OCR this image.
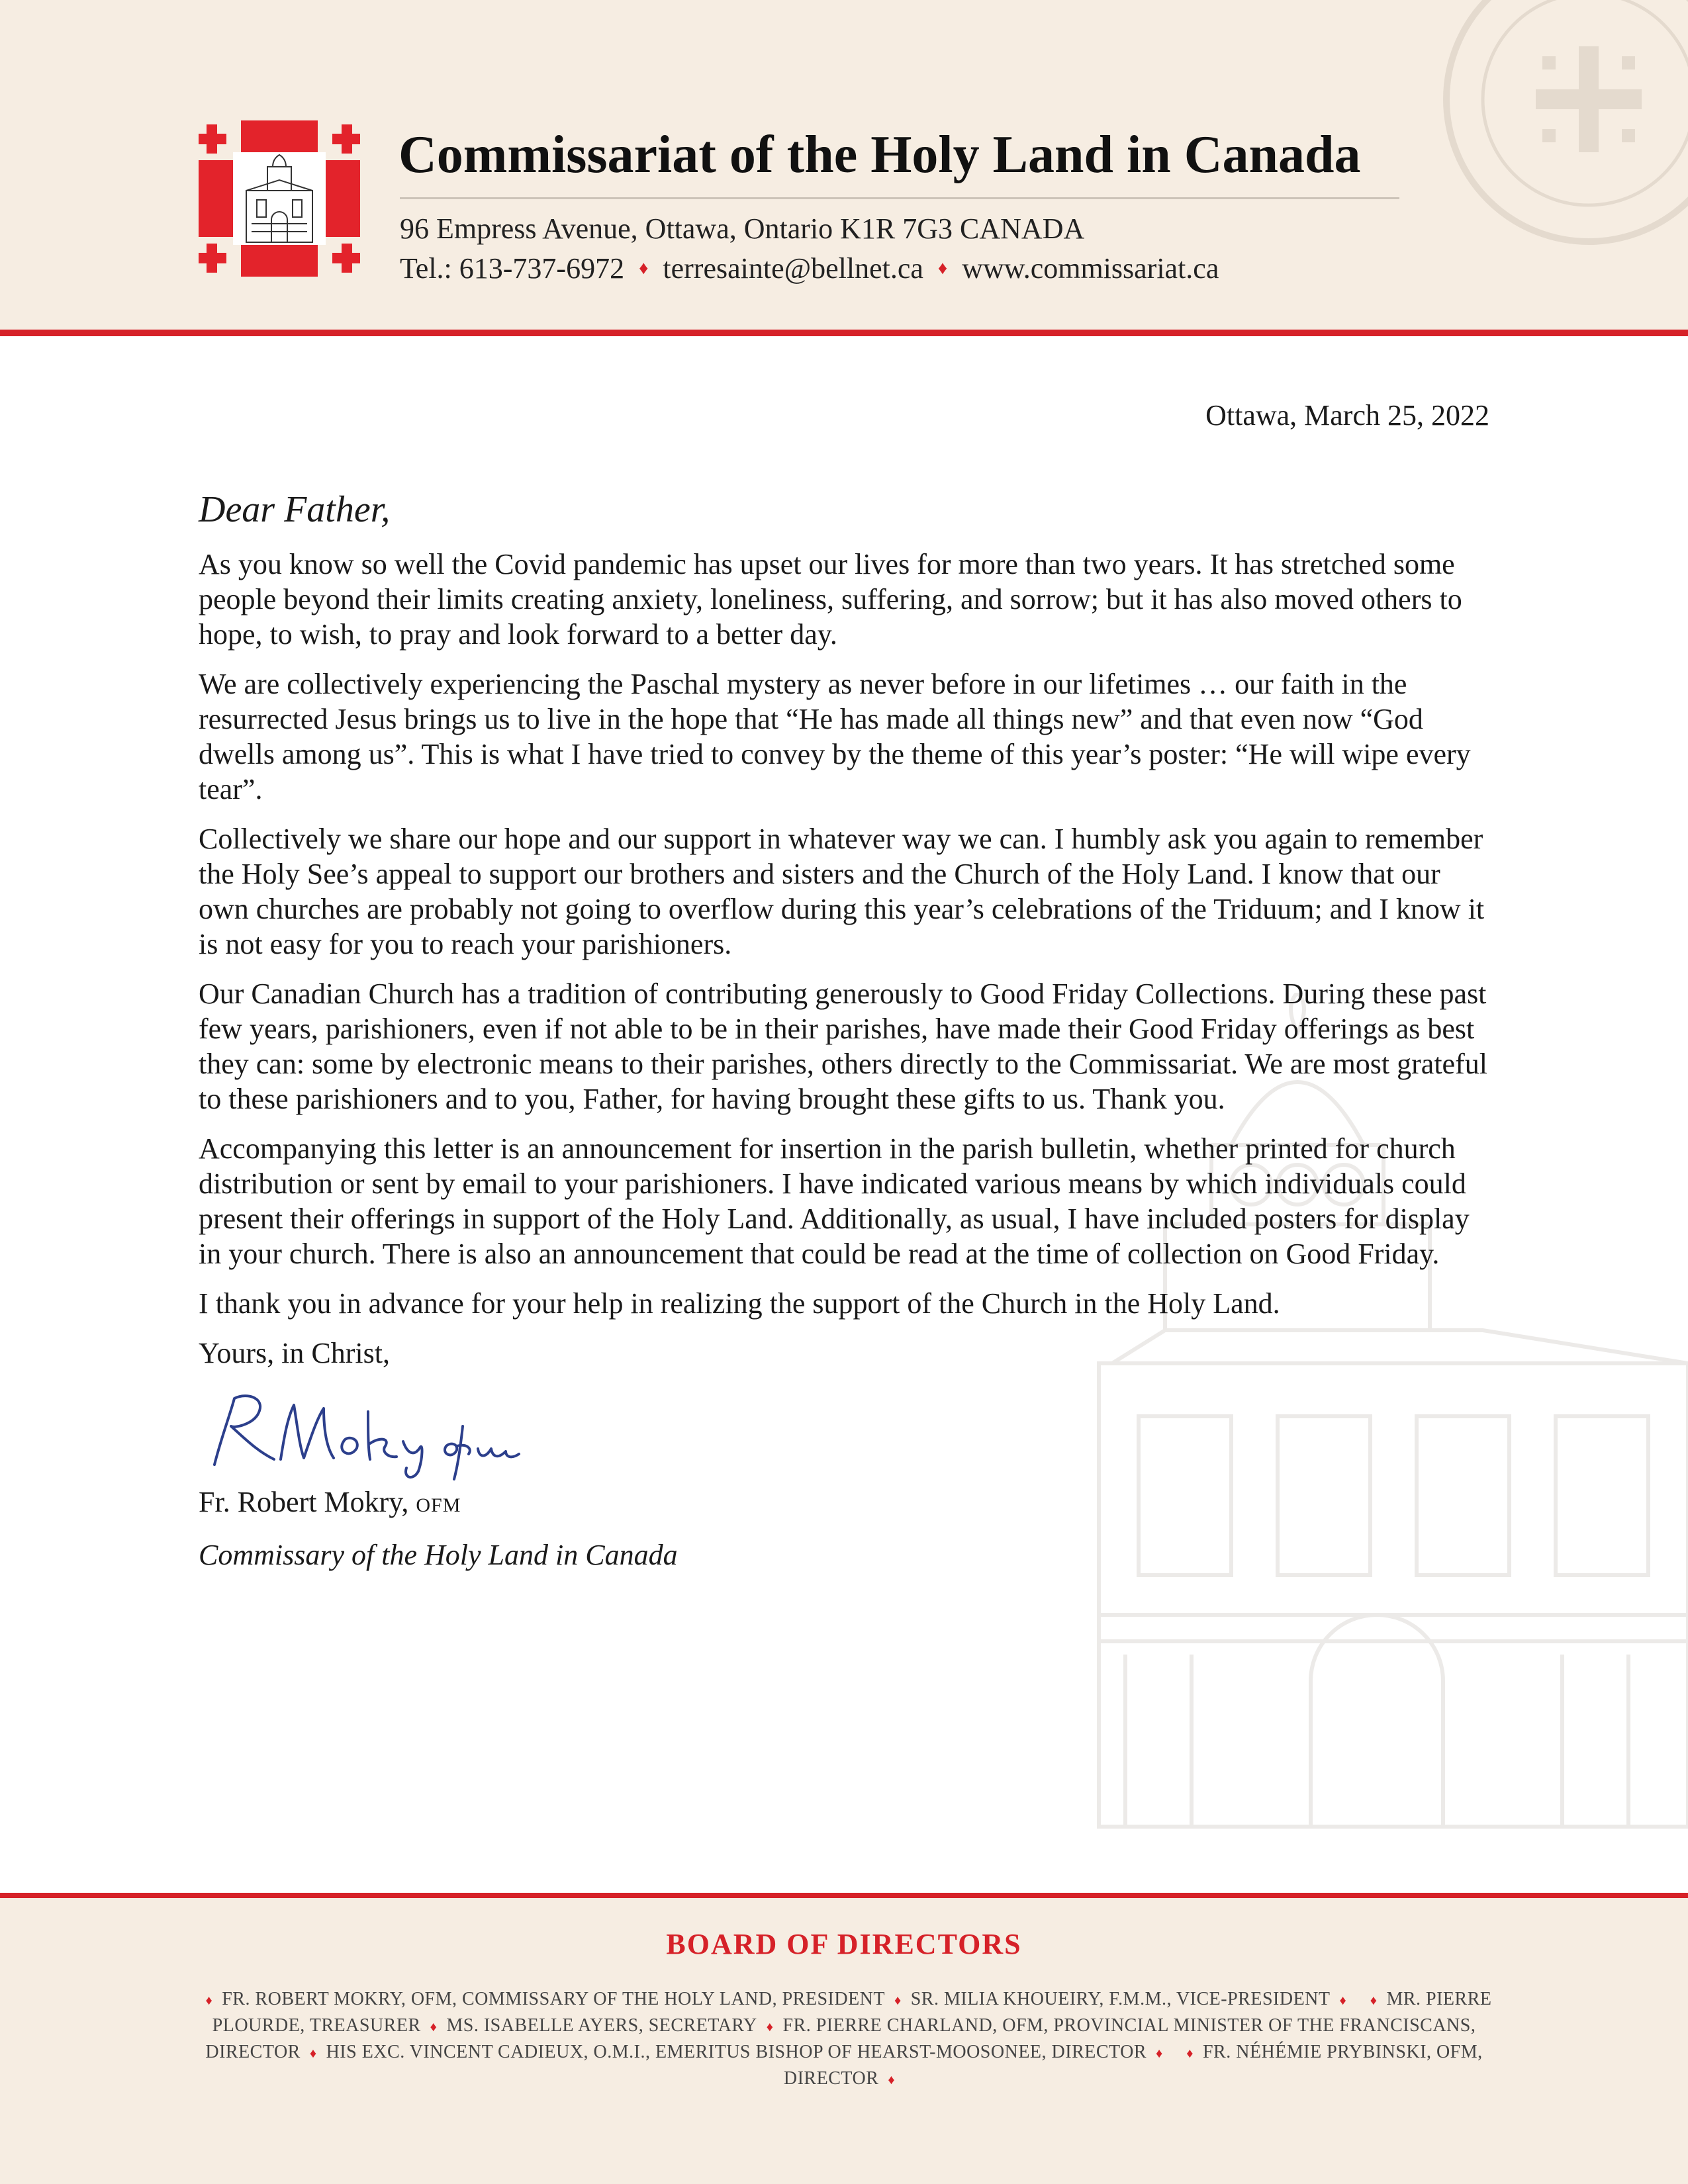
Commissariat of the Holy Land in Canada
96 Empress Avenue, Ottawa, Ontario K1R 7G3 CANADA
Tel.: 613-737-6972 ♦ terresainte@bellnet.ca ♦ www.commissariat.ca
Ottawa, March 25, 2022

Dear Father,

As you know so well the Covid pandemic has upset our lives for more than two years. It has stretched some people beyond their limits creating anxiety, loneliness, suffering, and sorrow; but it has also moved others to hope, to wish, to pray and look forward to a better day.

We are collectively experiencing the Paschal mystery as never before in our lifetimes … our faith in the resurrected Jesus brings us to live in the hope that “He has made all things new” and that even now “God dwells among us”. This is what I have tried to convey by the theme of this year’s poster: “He will wipe every tear”.

Collectively we share our hope and our support in whatever way we can. I humbly ask you again to remember the Holy See’s appeal to support our brothers and sisters and the Church of the Holy Land. I know that our own churches are probably not going to overflow during this year’s celebrations of the Triduum; and I know it is not easy for you to reach your parishioners.

Our Canadian Church has a tradition of contributing generously to Good Friday Collections. During these past few years, parishioners, even if not able to be in their parishes, have made their Good Friday offerings as best they can: some by electronic means to their parishes, others directly to the Commissariat. We are most grateful to these parishioners and to you, Father, for having brought these gifts to us. Thank you.

Accompanying this letter is an announcement for insertion in the parish bulletin, whether printed for church distribution or sent by email to your parishioners. I have indicated various means by which individuals could present their offerings in support of the Holy Land. Additionally, as usual, I have included posters for display in your church. There is also an announcement that could be read at the time of collection on Good Friday.

I thank you in advance for your help in realizing the support of the Church in the Holy Land.

Yours, in Christ,

Fr. Robert Mokry, OFM

Commissary of the Holy Land in Canada

BOARD OF DIRECTORS
♦ FR. ROBERT MOKRY, OFM, COMMISSARY OF THE HOLY LAND, PRESIDENT ♦ SR. MILIA KHOUEIRY, F.M.M., VICE-PRESIDENT ♦ ♦ MR. PIERRE PLOURDE, TREASURER ♦ MS. ISABELLE AYERS, SECRETARY ♦ FR. PIERRE CHARLAND, OFM, PROVINCIAL MINISTER OF THE FRANCISCANS, DIRECTOR ♦ HIS EXC. VINCENT CADIEUX, O.M.I., EMERITUS BISHOP OF HEARST-MOOSONEE, DIRECTOR ♦ ♦ FR. NÉHÉMIE PRYBINSKI, OFM, DIRECTOR ♦
